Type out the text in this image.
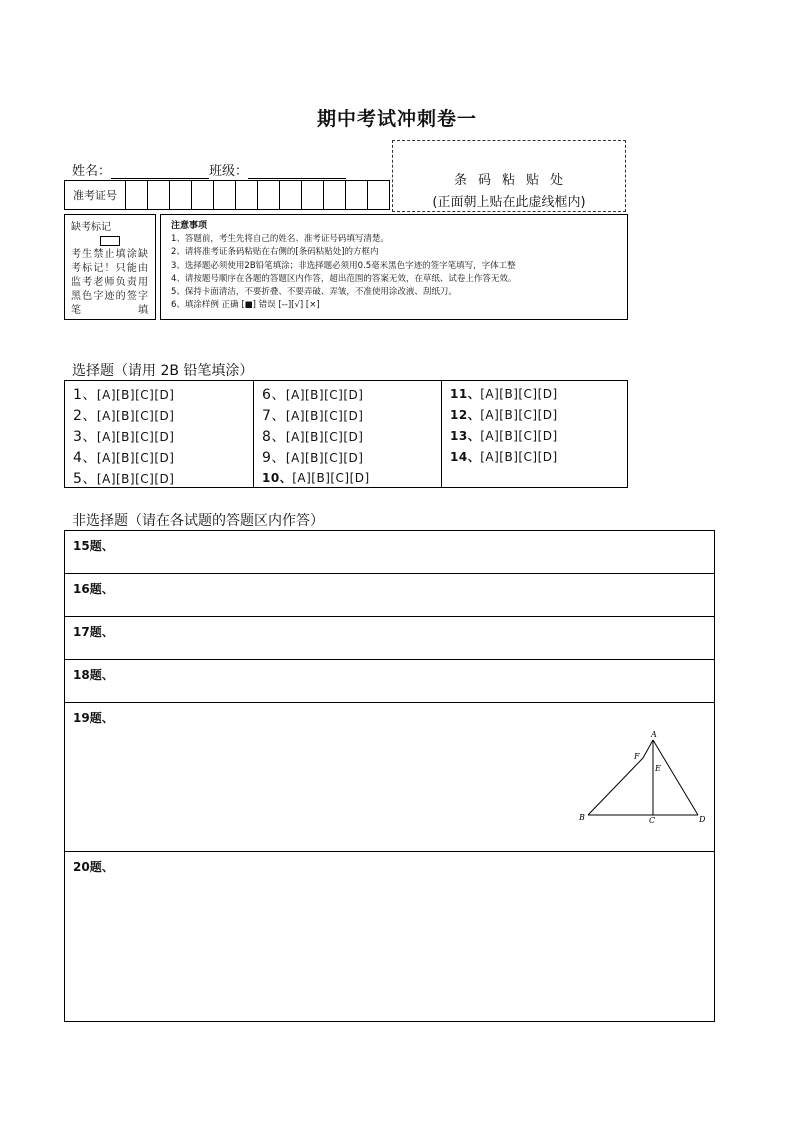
期中考试冲刺卷一
姓名：	班级：
条码粘贴处
(正面朝上贴在此虚线框内)
准考证号												
缺考标记
考生禁止填涂缺考标记！只能由监考老师负责用黑色字迹的签字笔填
注意事项
1、答题前，考生先将自己的姓名、准考证号码填写清楚。
2、请将准考证条码粘贴在右侧的[条码粘贴处]的方框内
3、选择题必须使用2B铅笔填涂；非选择题必须用0.5毫米黑色字迹的签字笔填写，字体工整
4、请按题号顺序在各题的答题区内作答，超出范围的答案无效，在草纸、试卷上作答无效。
5、保持卡面清洁，不要折叠、不要弄破、弄皱，不准使用涂改液、刮纸刀。
6、填涂样例 正确 [■] 错误 [--][√] [×]
选择题（请用 2B 铅笔填涂）
1、[A][B][C][D]
2、[A][B][C][D]
3、[A][B][C][D]
4、[A][B][C][D]
5、[A][B][C][D]
6、[A][B][C][D]
7、[A][B][C][D]
8、[A][B][C][D]
9、[A][B][C][D]
10、[A][B][C][D]
11、[A][B][C][D]
12、[A][B][C][D]
13、[A][B][C][D]
14、[A][B][C][D]
非选择题（请在各试题的答题区内作答）
15题、
16题、
17题、
18题、
19题、
20题、
A
B	C	D
E
F
